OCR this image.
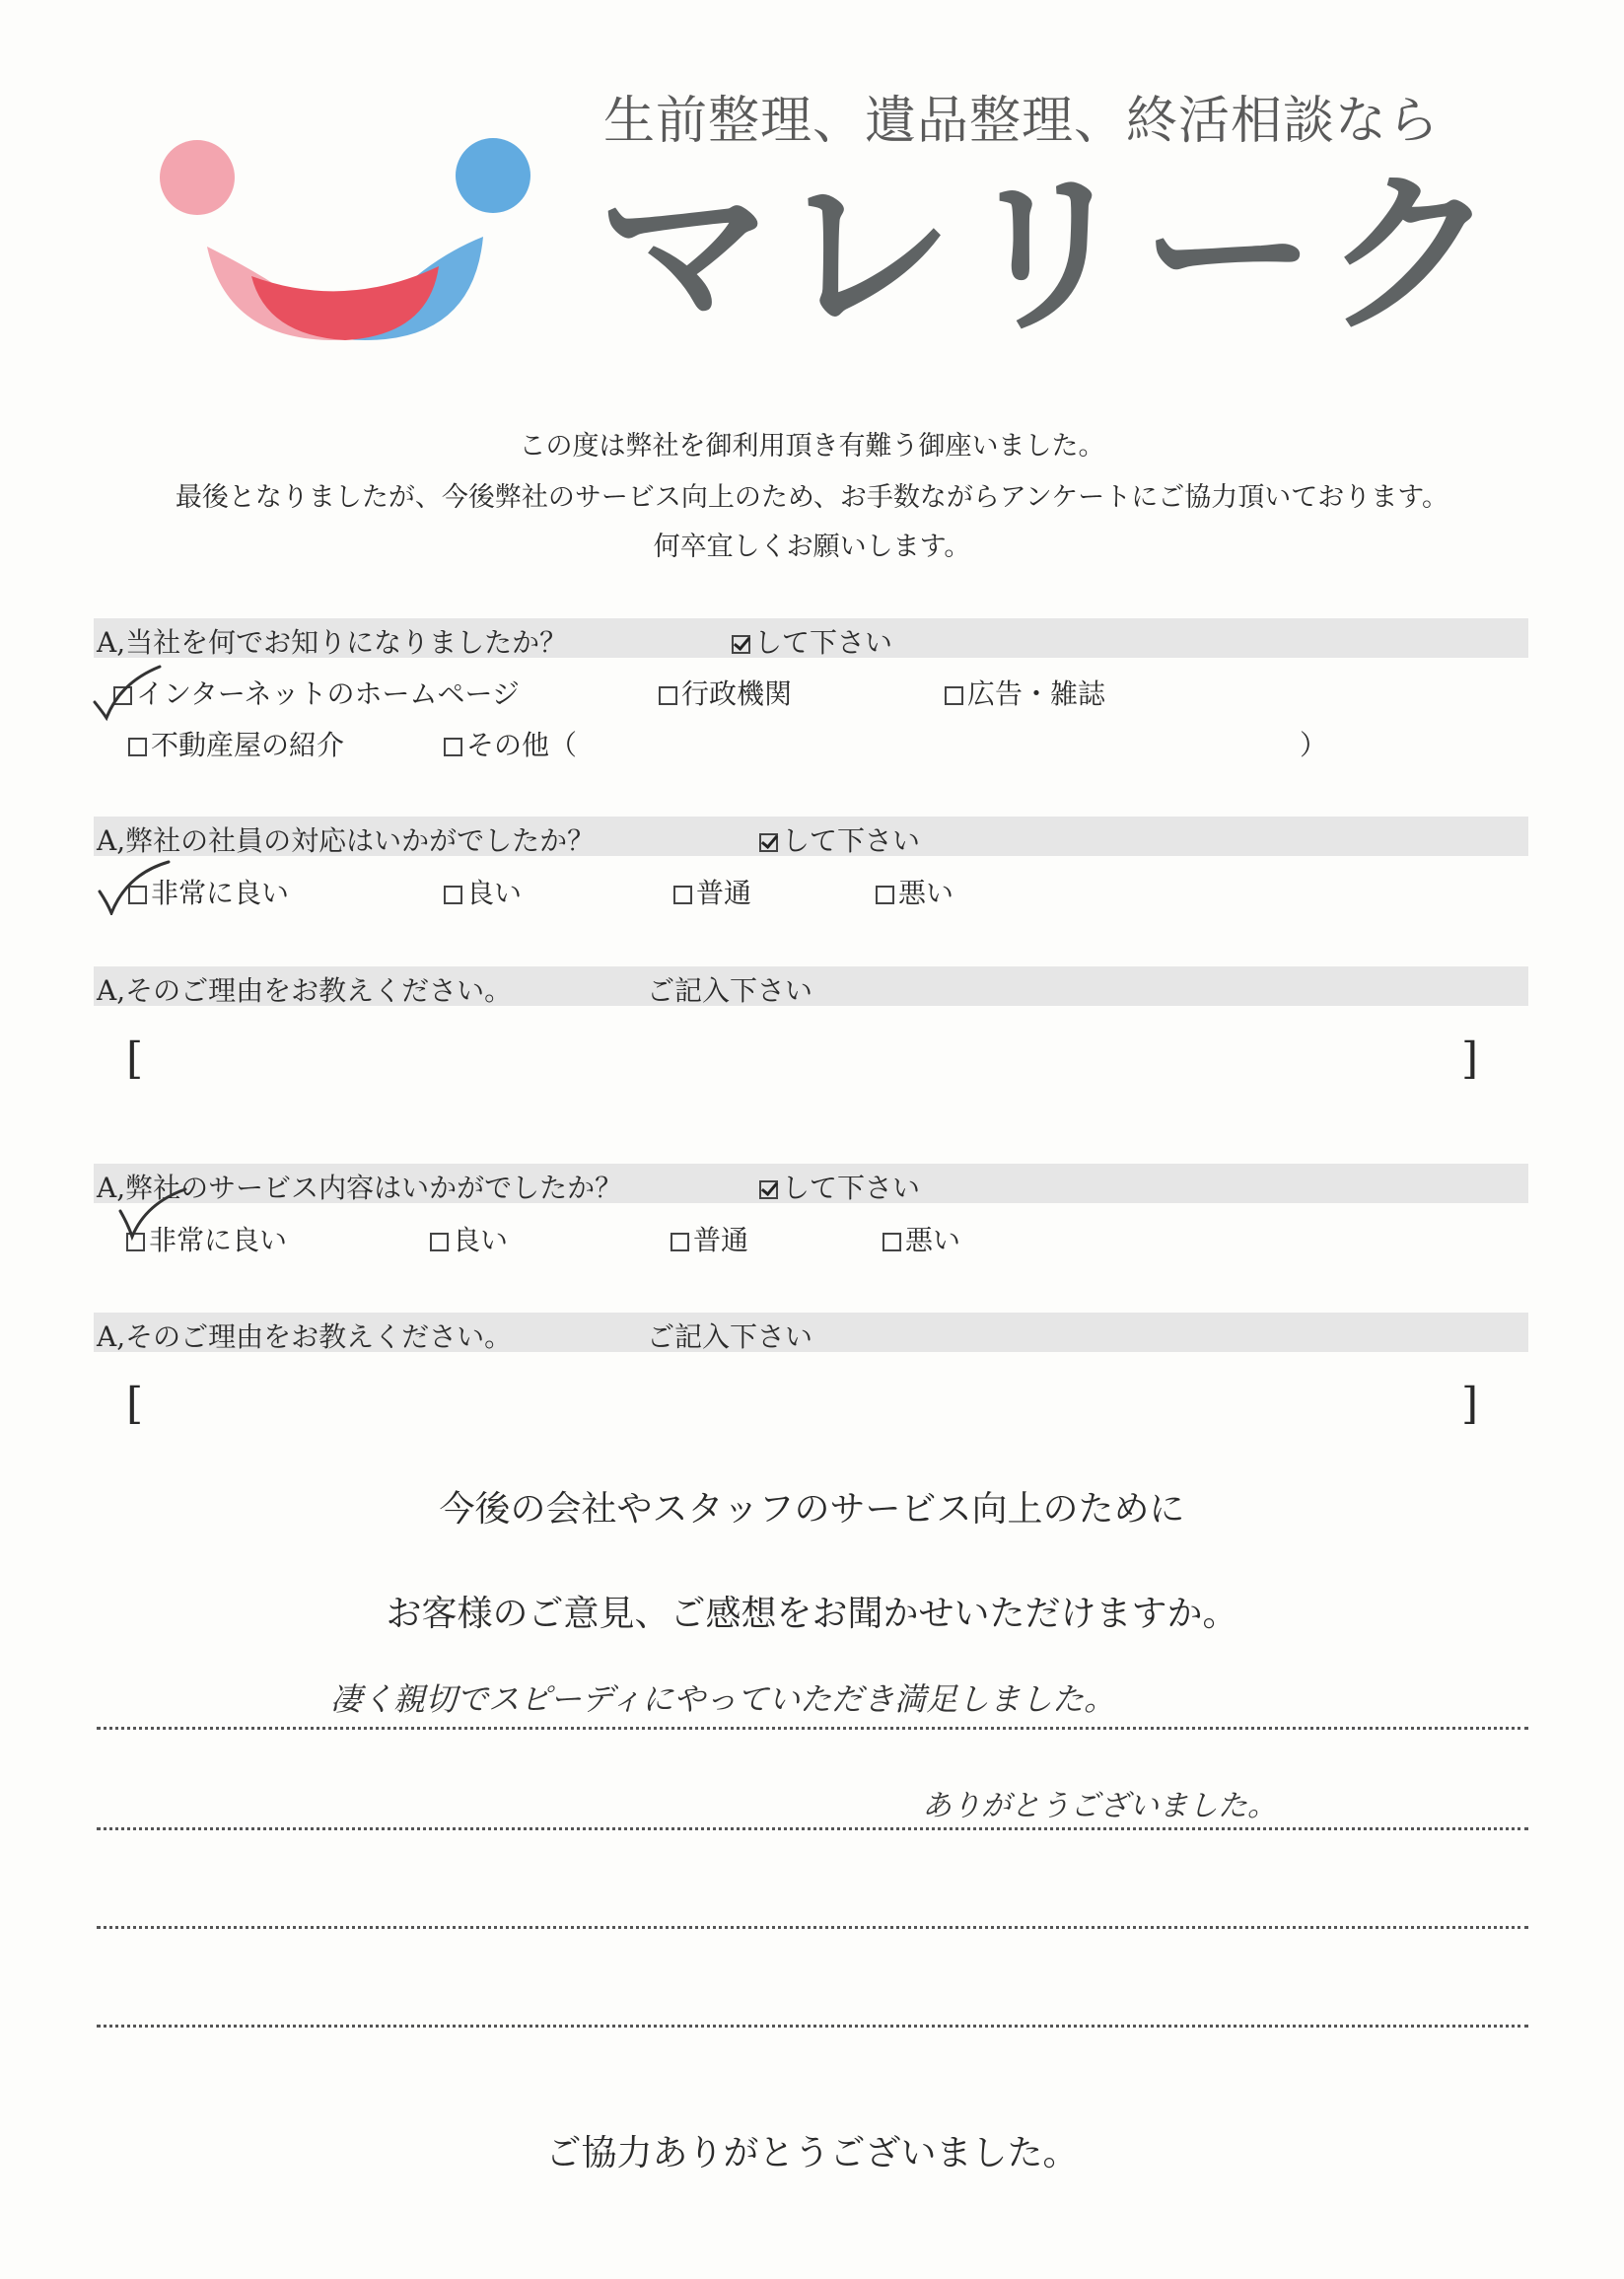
生前整理、遺品整理、終活相談なら
マレリーク
この度は弊社を御利用頂き有難う御座いました。
最後となりましたが、今後弊社のサービス向上のため、お手数ながらアンケートにご協力頂いております。
何卒宜しくお願いします。
A,当社を何でお知りになりましたか？	して下さい
インターネットのホームページ	行政機関	広告・雑誌
不動産屋の紹介	その他（	）
A,弊社の社員の対応はいかがでしたか？	して下さい
非常に良い	良い	普通	悪い
A,そのご理由をお教えください。	ご記入下さい
[	]
A,弊社のサービス内容はいかがでしたか？	して下さい
非常に良い	良い	普通	悪い
A,そのご理由をお教えください。	ご記入下さい
[	]
今後の会社やスタッフのサービス向上のために
お客様のご意見、ご感想をお聞かせいただけますか。
凄く親切でスピーディにやっていただき満足しました。
ありがとうございました。
ご協力ありがとうございました。
